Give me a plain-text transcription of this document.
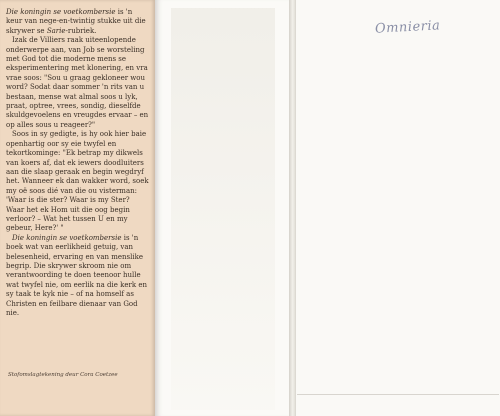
Die koningin se voetkombersie is 'n keur van nege-en-twintig stukke uit die skrywer se Sarie-rubriek.

Izak de Villiers raak uiteenlopende onderwerpe aan, van Job se worsteling met God tot die moderne mens se eksperimentering met klonering, en vra vrae soos: "Sou u graag gekloneer wou word? Sodat daar sommer 'n rits van u bestaan, mense wat almal soos u lyk, praat, optree, vrees, sondig, dieselfde skuldgevoelens en vreugdes ervaar – en op alles sous u reageer?"

Soos in sy gedigte, is hy ook hier baie openhartig oor sy eie twyfel en tekortkominge: "Ek betrap my dikwels van koers af, dat ek iewers doodluiters aan die slaap geraak en begin wegdryf het. Wanneer ek dan wakker word, soek my oë soos dié van die ou visterman: 'Waar is die ster? Waar is my Ster? Waar het ek Hom uit die oog begin verloor? – Wat het tussen U en my gebeur, Here?' "

Die koningin se voetkombersie is 'n boek wat van eerlikheid getuig, van belesenheid, ervaring en van menslike begrip. Die skrywer skroom nie om verantwoording te doen teenoor hulle wat twyfel nie, om eerlik na die kerk en sy taak te kyk nie – of na homself as Christen en feilbare dienaar van God nie.

Stofomslagtekening deur Cora Coetzee
Omnieria
